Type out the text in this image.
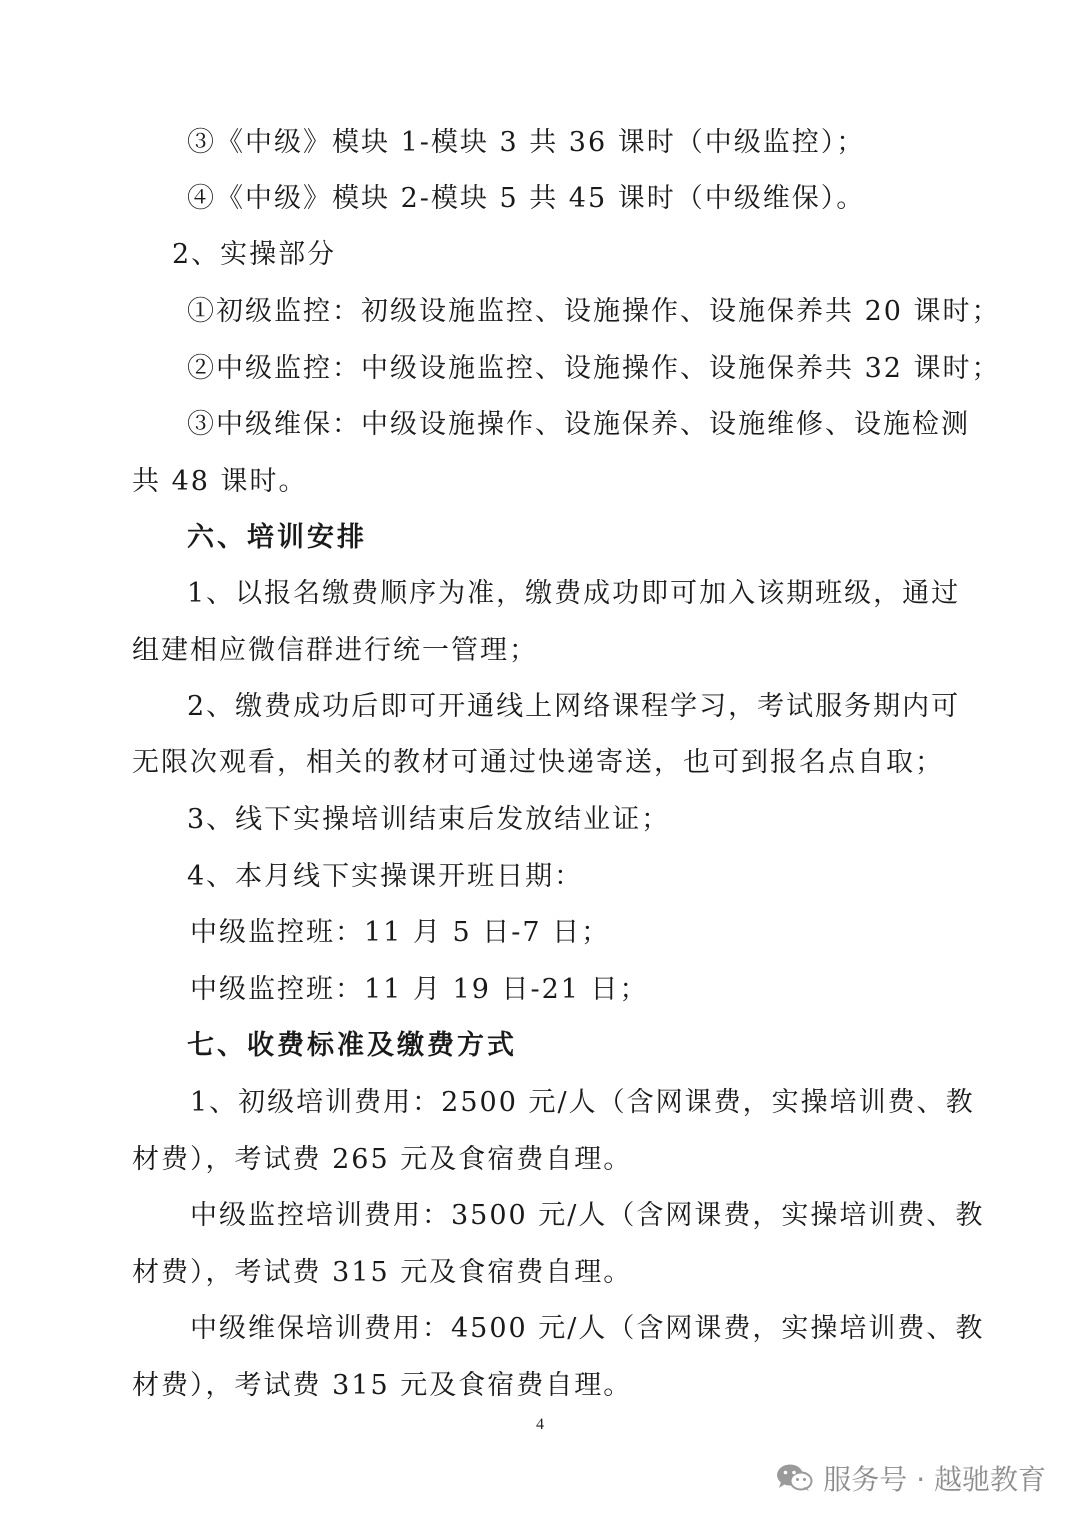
③《中级》模块 1-模块 3 共 36 课时（中级监控）；
④《中级》模块 2-模块 5 共 45 课时（中级维保）。
2、实操部分
①初级监控：初级设施监控、设施操作、设施保养共 20 课时；
②中级监控：中级设施监控、设施操作、设施保养共 32 课时；
③中级维保：中级设施操作、设施保养、设施维修、设施检测
共 48 课时。
六、培训安排
1、以报名缴费顺序为准，缴费成功即可加入该期班级，通过
组建相应微信群进行统一管理；
2、缴费成功后即可开通线上网络课程学习，考试服务期内可
无限次观看，相关的教材可通过快递寄送，也可到报名点自取；
3、线下实操培训结束后发放结业证；
4、本月线下实操课开班日期：
中级监控班：11 月 5 日-7 日；
中级监控班：11 月 19 日-21 日；
七、收费标准及缴费方式
1、初级培训费用：2500 元/人（含网课费，实操培训费、教
材费），考试费 265 元及食宿费自理。
中级监控培训费用：3500 元/人（含网课费，实操培训费、教
材费），考试费 315 元及食宿费自理。
中级维保培训费用：4500 元/人（含网课费，实操培训费、教
材费），考试费 315 元及食宿费自理。
4
服务号 · 越驰教育
